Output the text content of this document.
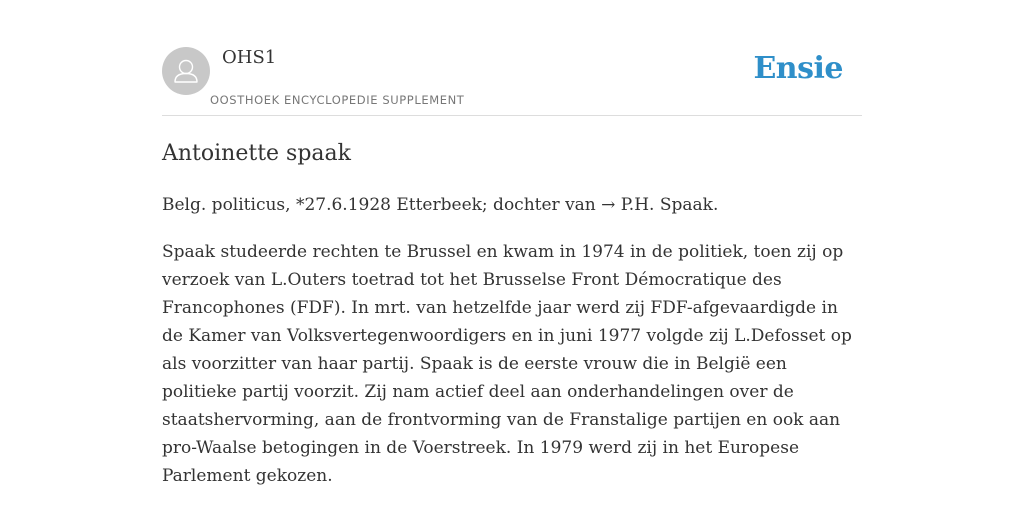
OHS1
OOSTHOEK ENCYCLOPEDIE SUPPLEMENT
Ensie
Antoinette spaak

Belg. politicus, *27.6.1928 Etterbeek; dochter van → P.H. Spaak.

Spaak studeerde rechten te Brussel en kwam in 1974 in de politiek, toen zij op verzoek van L.Outers toetrad tot het Brusselse Front Démocratique des Francophones (FDF). In mrt. van hetzelfde jaar werd zij FDF-afgevaardigde in de Kamer van Volksvertegenwoordigers en in juni 1977 volgde zij L.Defosset op als voorzitter van haar partij. Spaak is de eerste vrouw die in België een politieke partij voorzit. Zij nam actief deel aan onderhandelingen over de staatshervorming, aan de frontvorming van de Franstalige partijen en ook aan pro-Waalse betogingen in de Voerstreek. In 1979 werd zij in het Europese Parlement gekozen.
